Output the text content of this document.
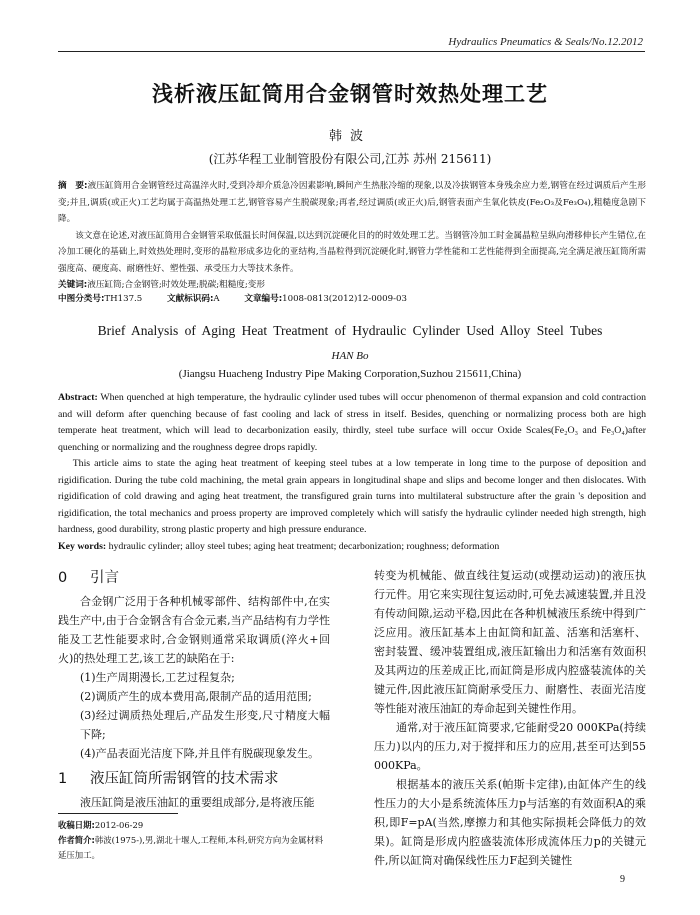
Hydraulics Pneumatics & Seals/No.12.2012
浅析液压缸筒用合金钢管时效热处理工艺
韩波
(江苏华程工业制管股份有限公司,江苏 苏州 215611)

摘　要:液压缸筒用合金钢管经过高温淬火时,受到冷却介质急冷因素影响,瞬间产生热胀冷缩的现象,以及冷拔钢管本身残余应力差,钢管在经过调质后产生形变;并且,调质(或正火)工艺均属于高温热处理工艺,钢管容易产生脱碳现象;再者,经过调质(或正火)后,钢管表面产生氧化铁皮(Fe₂O₃及Fe₃O₄),粗糙度急剧下降。

该文意在论述,对液压缸筒用合金钢管采取低温长时间保温,以达到沉淀硬化目的的时效处理工艺。当钢管冷加工时金属晶粒呈纵向滑移伸长产生错位,在冷加工硬化的基础上,时效热处理时,变形的晶粒形成多边化的亚结构,当晶粒得到沉淀硬化时,钢管力学性能和工艺性能得到全面提高,完全满足液压缸筒所需强度高、硬度高、耐磨性好、塑性强、承受压力大等技术条件。

关键词:液压缸筒;合金钢管;时效处理;脱碳;粗糙度;变形

中图分类号:TH137.5	文献标识码:A	文章编号:1008-0813(2012)12-0009-03
Brief Analysis of Aging Heat Treatment of Hydraulic Cylinder Used Alloy Steel Tubes
HAN Bo
(Jiangsu Huacheng Industry Pipe Making Corporation,Suzhou 215611,China)

Abstract: When quenched at high temperature, the hydraulic cylinder used tubes will occur phenomenon of thermal expansion and cold contraction and will deform after quenching because of fast cooling and lack of stress in itself. Besides, quenching or normalizing process both are high temperate heat treatment, which will lead to decarbonization easily, thirdly, steel tube surface will occur Oxide Scales(Fe₂O₃ and Fe₃O₄)after quenching or normalizing and the roughness degree drops rapidly.

This article aims to state the aging heat treatment of keeping steel tubes at a low temperate in long time to the purpose of deposition and rigidification. During the tube cold machining, the metal grain appears in longitudinal shape and slips and become longer and then dislocates. With rigidification of cold drawing and aging heat treatment, the transfigured grain turns into multilateral substructure after the grain 's deposition and rigidification, the total mechanics and proess property are improved completely which will satisfy the hydraulic cylinder needed high strength, high hardness, good durability, strong plastic property and high pressure endurance.

Key words: hydraulic cylinder; alloy steel tubes; aging heat treatment; decarbonization; roughness; deformation

0 引言

合金钢广泛用于各种机械零部件、结构部件中,在实践生产中,由于合金钢含有合金元素,当产品结构有力学性能及工艺性能要求时,合金钢则通常采取调质(淬火+回火)的热处理工艺,该工艺的缺陷在于:

(1)生产周期漫长,工艺过程复杂;

(2)调质产生的成本费用高,限制产品的适用范围;

(3)经过调质热处理后,产品发生形变,尺寸精度大幅下降;

(4)产品表面光洁度下降,并且伴有脱碳现象发生。

1 液压缸筒所需钢管的技术需求

液压缸筒是液压油缸的重要组成部分,是将液压能

转变为机械能、做直线往复运动(或摆动运动)的液压执行元件。用它来实现往复运动时,可免去减速装置,并且没有传动间隙,运动平稳,因此在各种机械液压系统中得到广泛应用。液压缸基本上由缸筒和缸盖、活塞和活塞杆、密封装置、缓冲装置组成,液压缸输出力和活塞有效面积及其两边的压差成正比,而缸筒是形成内腔盛装流体的关键元件,因此液压缸筒耐承受压力、耐磨性、表面光洁度等性能对液压油缸的寿命起到关键性作用。

通常,对于液压缸筒要求,它能耐受20 000KPa(持续压力)以内的压力,对于搅拌和压力的应用,甚至可达到55 000KPa。

根据基本的液压关系(帕斯卡定律),由缸体产生的线性压力的大小是系统流体压力p与活塞的有效面积A的乘积,即F=pA(当然,摩擦力和其他实际损耗会降低力的效果)。缸筒是形成内腔盛装流体形成流体压力p的关键元件,所以缸筒对确保线性压力F起到关键性

收稿日期:2012-06-29
作者简介:韩波(1975-),男,湖北十堰人,工程师,本科,研究方向为金属材料延压加工。
9
